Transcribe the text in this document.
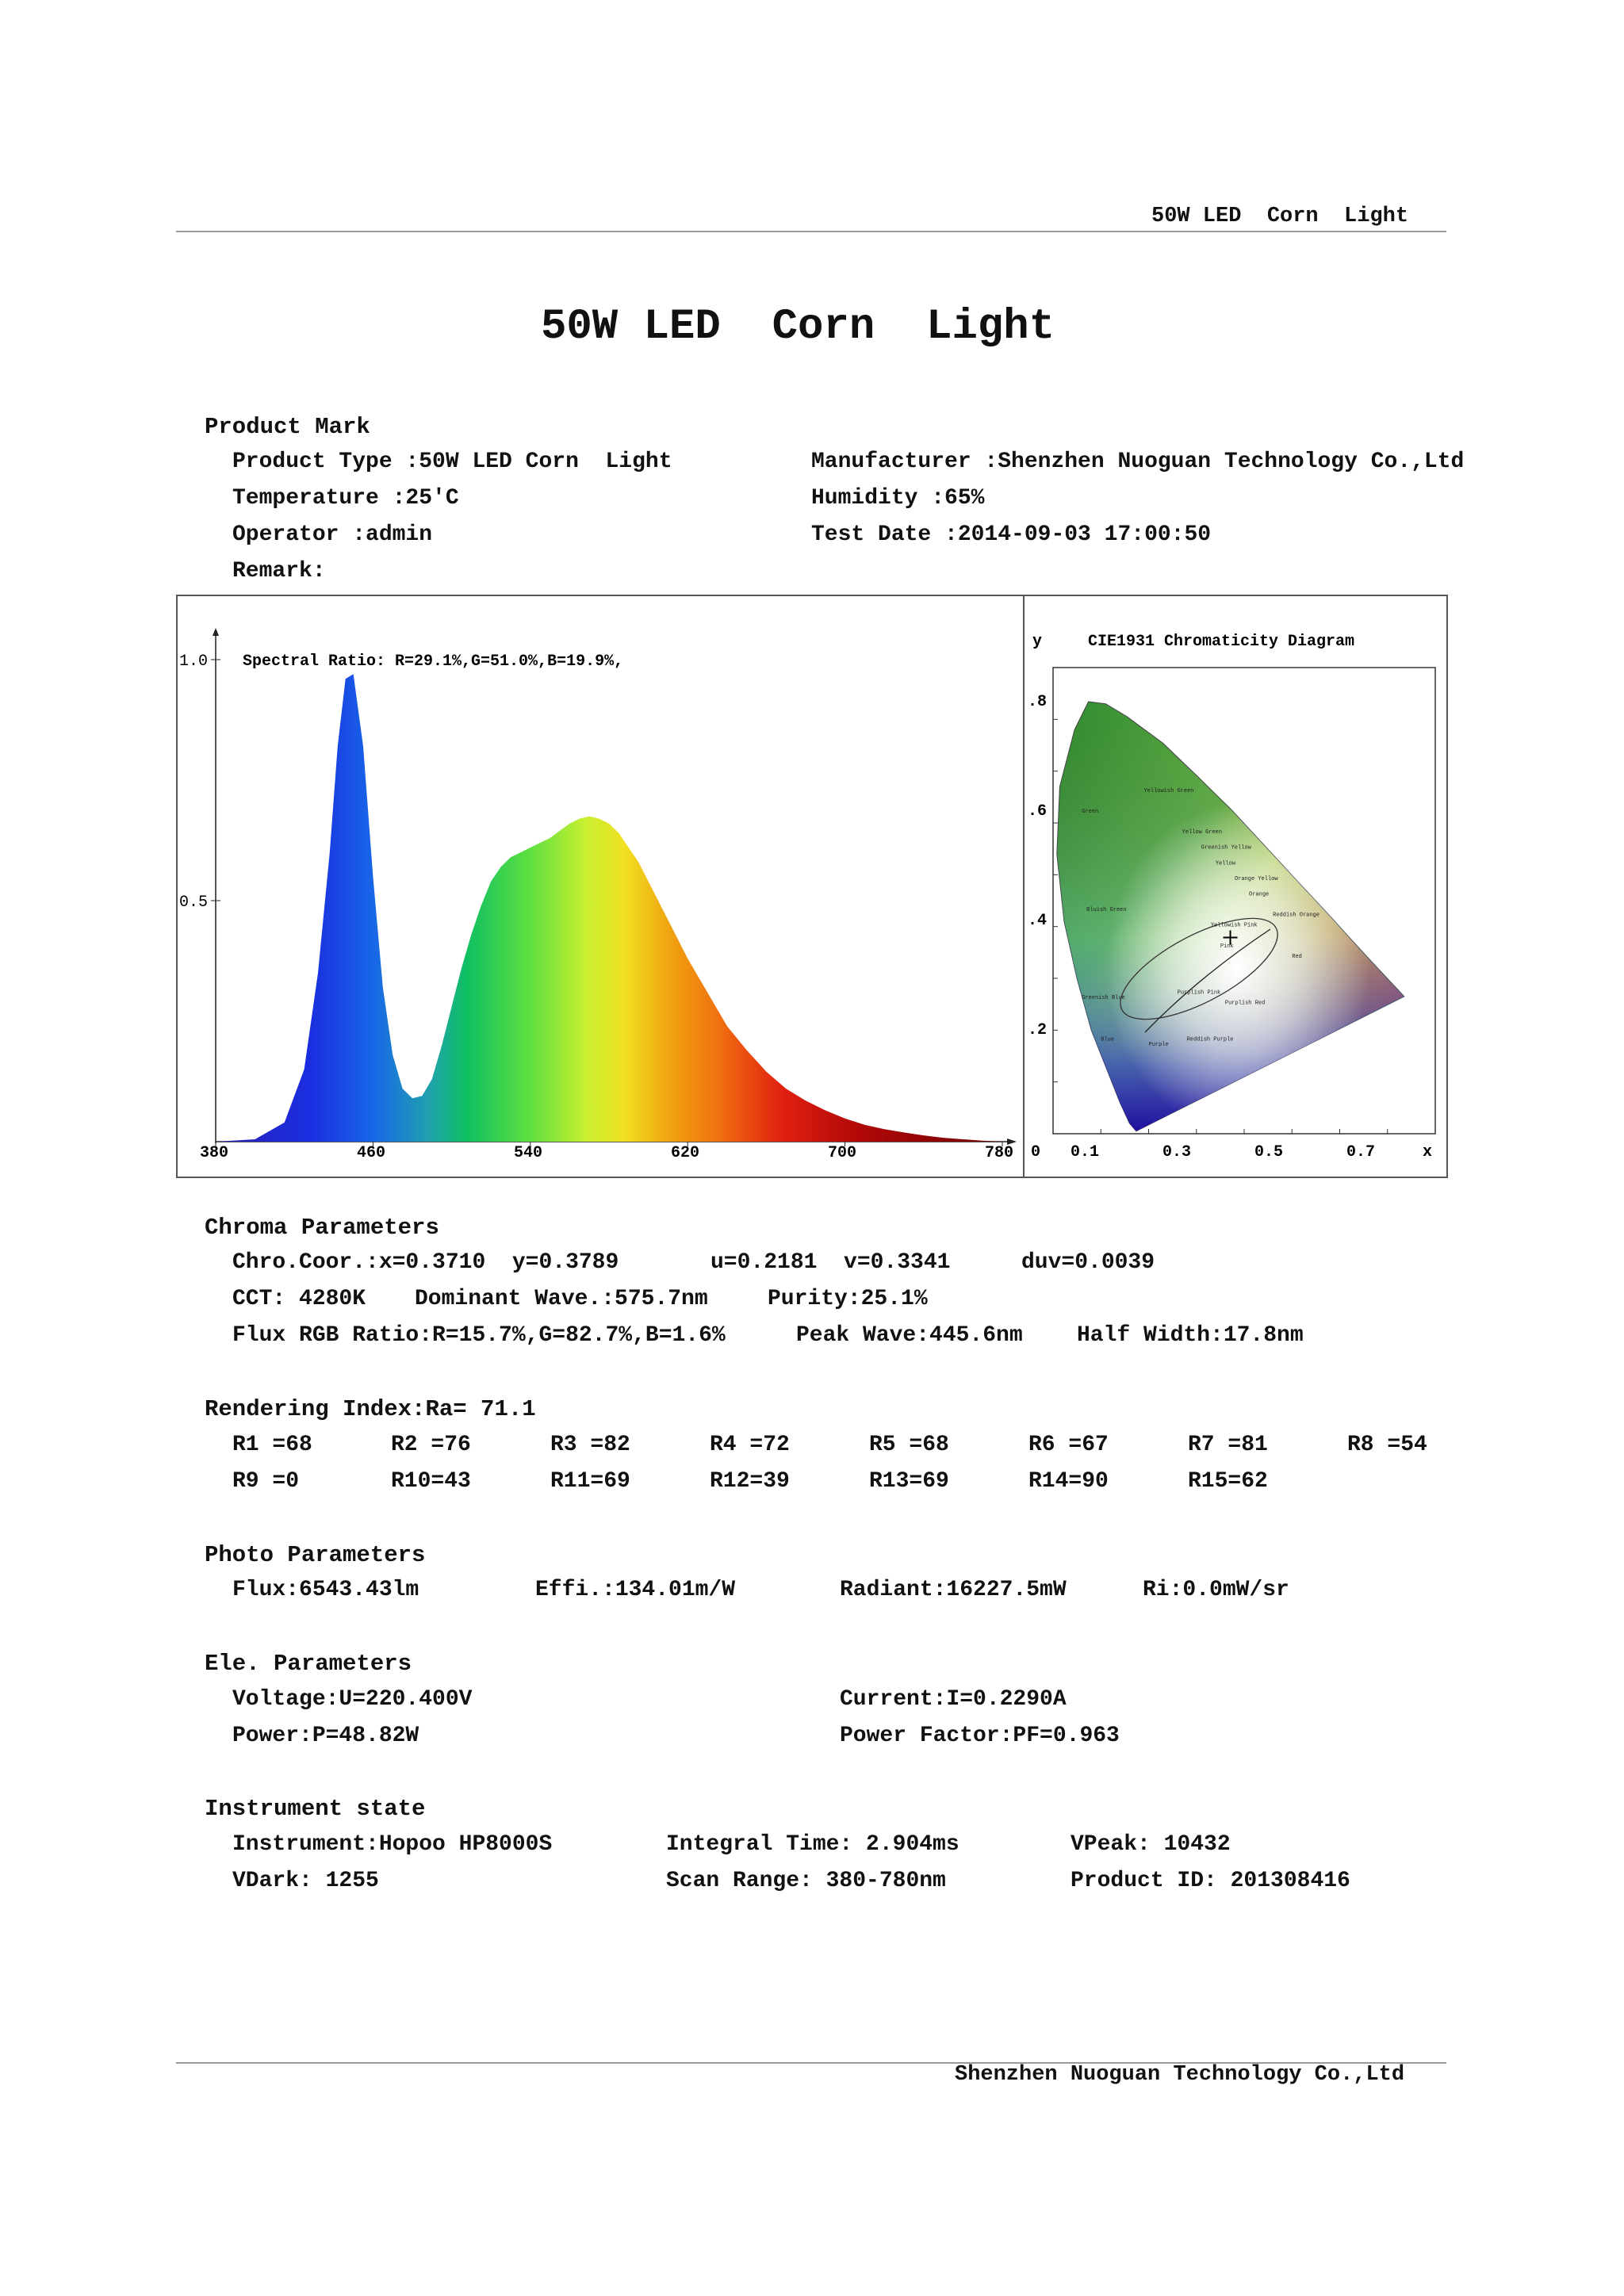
50W LED  Corn  Light
50W LED  Corn  Light
Product Mark
Product Type :50W LED Corn  Light	Manufacturer :Shenzhen Nuoguan Technology Co.,Ltd
Temperature :25'C	Humidity :65%
Operator :admin	Test Date :2014-09-03 17:00:50
Remark:
1.0
0.5
Spectral Ratio: R=29.1%,G=51.0%,B=19.9%,
380	460	540	620	700	780
y	CIE1931 Chromaticity Diagram
.8
.6
.4
.2
0 0.1	0.3	0.5	0.7	x
Green
Yellowish Green
Yellow Green
Greenish Yellow
Yellow
Orange Yellow
Orange
Reddish Orange
Red
Pink
Yellowish Pink
Bluish Green
Greenish Blue
Purplish Pink
Purplish Red
Reddish Purple
Purple
Blue
Chroma Parameters
Chro.Coor.:x=0.3710  y=0.3789	u=0.2181  v=0.3341	duv=0.0039
CCT: 4280K Dominant Wave.:575.7nm	Purity:25.1%
Flux RGB Ratio:R=15.7%,G=82.7%,B=1.6%	Peak Wave:445.6nm Half Width:17.8nm
Rendering Index:Ra= 71.1
R1 =68	R2 =76	R3 =82	R4 =72	R5 =68	R6 =67	R7 =81	R8 =54
R9 =0	R10=43	R11=69	R12=39	R13=69	R14=90	R15=62
Photo Parameters
Flux:6543.43lm	Effi.:134.01m/W	Radiant:16227.5mW	Ri:0.0mW/sr
Ele. Parameters
Voltage:U=220.400V	Current:I=0.2290A
Power:P=48.82W	Power Factor:PF=0.963
Instrument state
Instrument:Hopoo HP8000S	Integral Time: 2.904ms	VPeak: 10432
VDark: 1255	Scan Range: 380-780nm	Product ID: 201308416
Shenzhen Nuoguan Technology Co.,Ltd
